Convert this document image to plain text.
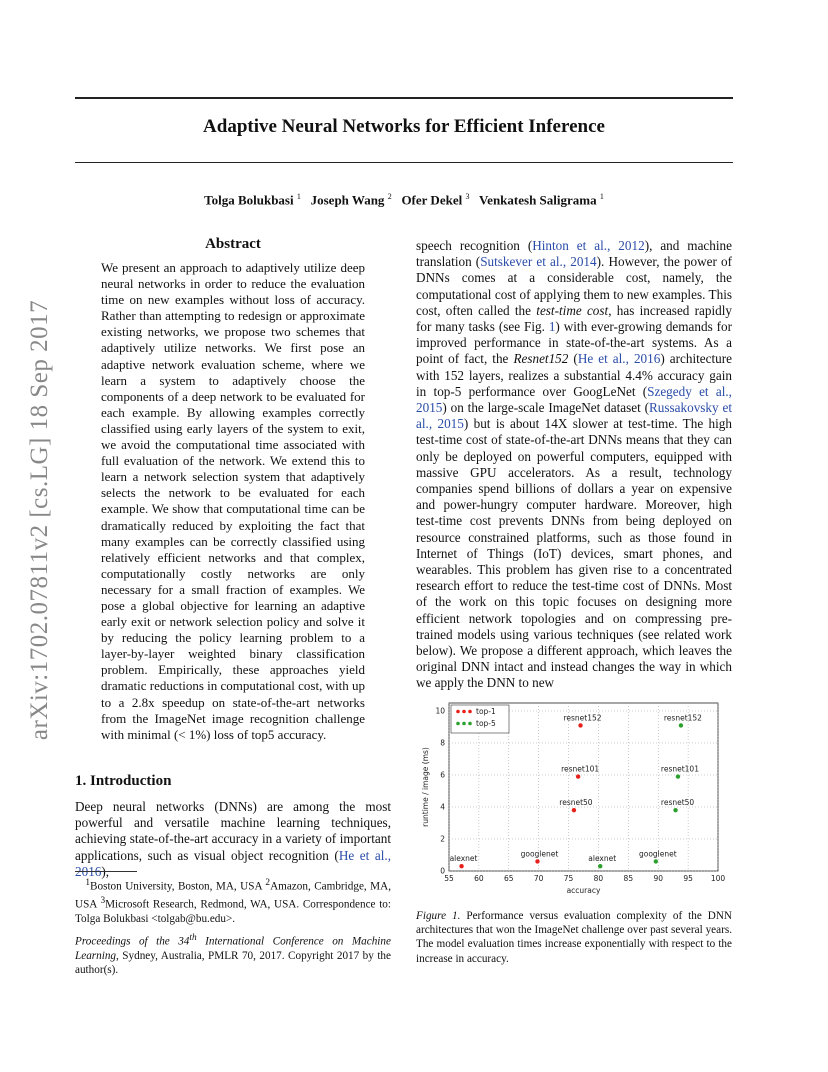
arXiv:1702.07811v2 [cs.LG] 18 Sep 2017
Adaptive Neural Networks for Efficient Inference
Tolga Bolukbasi $^1$ Joseph Wang $^2$ Ofer Dekel $^3$ Venkatesh Saligrama $^1$
Abstract
We present an approach to adaptively utilize deep neural networks in order to reduce the evaluation time on new examples without loss of accuracy. Rather than attempting to redesign or approximate existing networks, we propose two schemes that adaptively utilize networks. We first pose an adaptive network evaluation scheme, where we learn a system to adaptively choose the components of a deep network to be evaluated for each example. By allowing examples correctly classified using early layers of the system to exit, we avoid the computational time associated with full evaluation of the network. We extend this to learn a network selection system that adaptively selects the network to be evaluated for each example. We show that computational time can be dramatically reduced by exploiting the fact that many examples can be correctly classified using relatively efficient networks and that complex, computationally costly networks are only necessary for a small fraction of examples. We pose a global objective for learning an adaptive early exit or network selection policy and solve it by reducing the policy learning problem to a layer-by-layer weighted binary classification problem. Empirically, these approaches yield dramatic reductions in computational cost, with up to a 2.8x speedup on state-of-the-art networks from the ImageNet image recognition challenge with minimal (< 1%) loss of top5 accuracy.
1. Introduction
Deep neural networks (DNNs) are among the most powerful and versatile machine learning techniques, achieving state-of-the-art accuracy in a variety of important applications, such as visual object recognition (He et al., 2016),
$^1$Boston University, Boston, MA, USA $^2$Amazon, Cambridge, MA, USA $^3$Microsoft Research, Redmond, WA, USA. Correspondence to: Tolga Bolukbasi <tolgab@bu.edu>.
Proceedings of the 34th International Conference on Machine Learning, Sydney, Australia, PMLR 70, 2017. Copyright 2017 by the author(s).
speech recognition (Hinton et al., 2012), and machine translation (Sutskever et al., 2014). However, the power of DNNs comes at a considerable cost, namely, the computational cost of applying them to new examples. This cost, often called the test-time cost, has increased rapidly for many tasks (see Fig. 1) with ever-growing demands for improved performance in state-of-the-art systems. As a point of fact, the Resnet152 (He et al., 2016) architecture with 152 layers, realizes a substantial 4.4% accuracy gain in top-5 performance over GoogLeNet (Szegedy et al., 2015) on the large-scale ImageNet dataset (Russakovsky et al., 2015) but is about 14X slower at test-time. The high test-time cost of state-of-the-art DNNs means that they can only be deployed on powerful computers, equipped with massive GPU accelerators. As a result, technology companies spend billions of dollars a year on expensive and power-hungry computer hardware. Moreover, high test-time cost prevents DNNs from being deployed on resource constrained platforms, such as those found in Internet of Things (IoT) devices, smart phones, and wearables. This problem has given rise to a concentrated research effort to reduce the test-time cost of DNNs. Most of the work on this topic focuses on designing more efficient network topologies and on compressing pre-trained models using various techniques (see related work below). We propose a different approach, which leaves the original DNN intact and instead changes the way in which we apply the DNN to new
55	60	65	70	75	80	85	90	95 100
0
2
4
6
8
10
accuracy
runtime / image (ms)
alexnet
googlenet
resnet50
resnet101
resnet152
alexnet
googlenet
resnet50
resnet101
resnet152
top-1
top-5
Figure 1. Performance versus evaluation complexity of the DNN architectures that won the ImageNet challenge over past several years. The model evaluation times increase exponentially with respect to the increase in accuracy.
